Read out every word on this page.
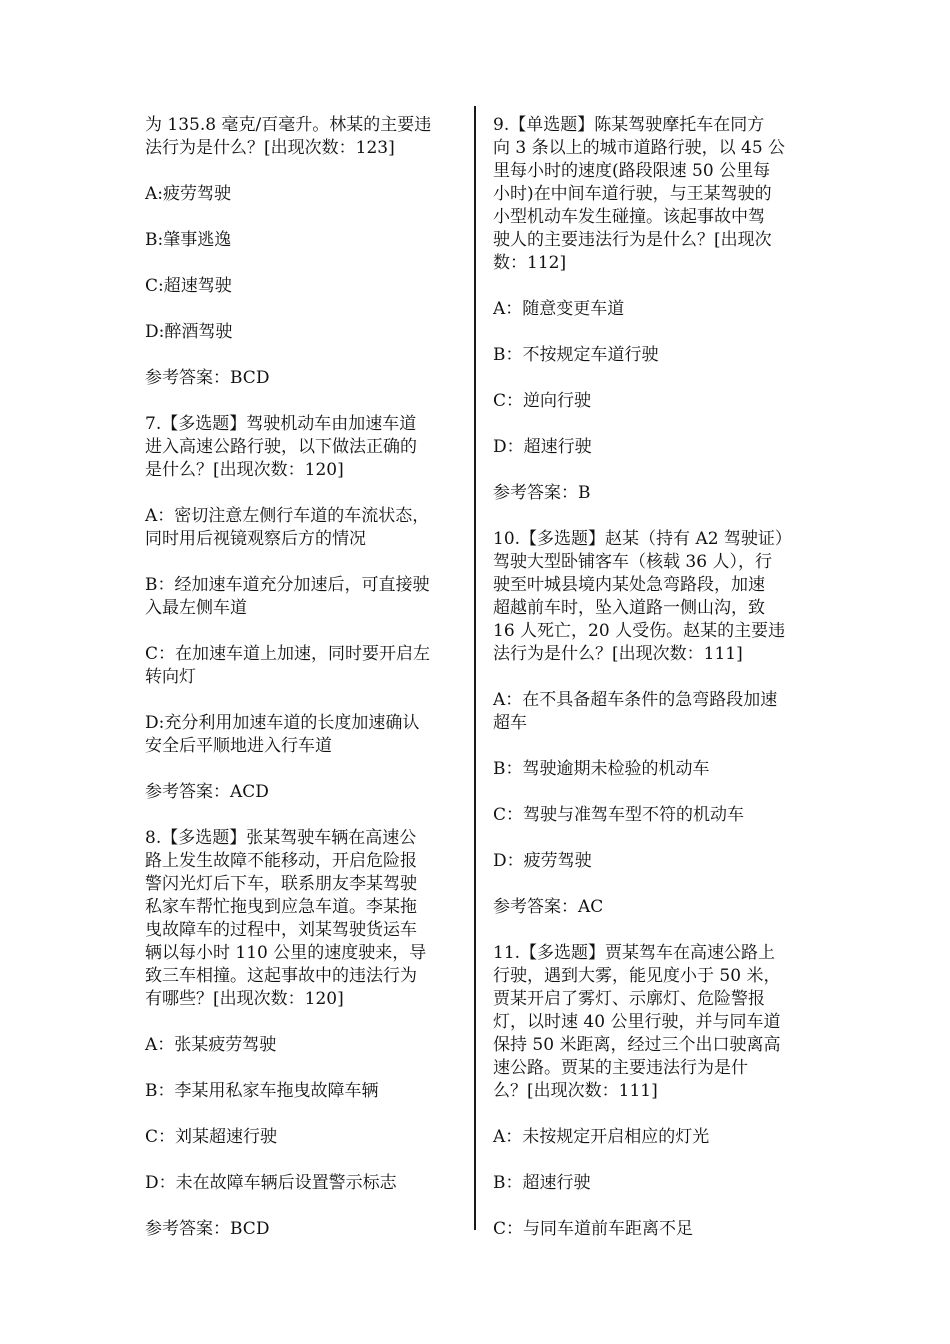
为 135.8 毫克/百毫升。林某的主要违
法行为是什么？[出现次数：123]

A:疲劳驾驶

B:肇事逃逸

C:超速驾驶

D:醉酒驾驶

参考答案：BCD

7.【多选题】驾驶机动车由加速车道
进入高速公路行驶，以下做法正确的
是什么？[出现次数：120]

A：密切注意左侧行车道的车流状态，
同时用后视镜观察后方的情况

B：经加速车道充分加速后，可直接驶
入最左侧车道

C：在加速车道上加速，同时要开启左
转向灯

D:充分利用加速车道的长度加速确认
安全后平顺地进入行车道

参考答案：ACD

8.【多选题】张某驾驶车辆在高速公
路上发生故障不能移动，开启危险报
警闪光灯后下车，联系朋友李某驾驶
私家车帮忙拖曳到应急车道。李某拖
曳故障车的过程中，刘某驾驶货运车
辆以每小时 110 公里的速度驶来，导
致三车相撞。这起事故中的违法行为
有哪些？[出现次数：120]

A：张某疲劳驾驶

B：李某用私家车拖曳故障车辆

C：刘某超速行驶

D：未在故障车辆后设置警示标志

参考答案：BCD

9.【单选题】陈某驾驶摩托车在同方
向 3 条以上的城市道路行驶，以 45 公
里每小时的速度(路段限速 50 公里每
小时)在中间车道行驶，与王某驾驶的
小型机动车发生碰撞。该起事故中驾
驶人的主要违法行为是什么？[出现次
数：112]

A：随意变更车道

B：不按规定车道行驶

C：逆向行驶

D：超速行驶

参考答案：B

10.【多选题】赵某（持有 A2 驾驶证）
驾驶大型卧铺客车（核载 36 人），行
驶至叶城县境内某处急弯路段，加速
超越前车时，坠入道路一侧山沟，致
16 人死亡，20 人受伤。赵某的主要违
法行为是什么？[出现次数：111]

A：在不具备超车条件的急弯路段加速
超车

B：驾驶逾期未检验的机动车

C：驾驶与准驾车型不符的机动车

D：疲劳驾驶

参考答案：AC

11.【多选题】贾某驾车在高速公路上
行驶，遇到大雾，能见度小于 50 米，
贾某开启了雾灯、示廓灯、危险警报
灯，以时速 40 公里行驶，并与同车道
保持 50 米距离，经过三个出口驶离高
速公路。贾某的主要违法行为是什
么？[出现次数：111]

A：未按规定开启相应的灯光

B：超速行驶

C：与同车道前车距离不足
